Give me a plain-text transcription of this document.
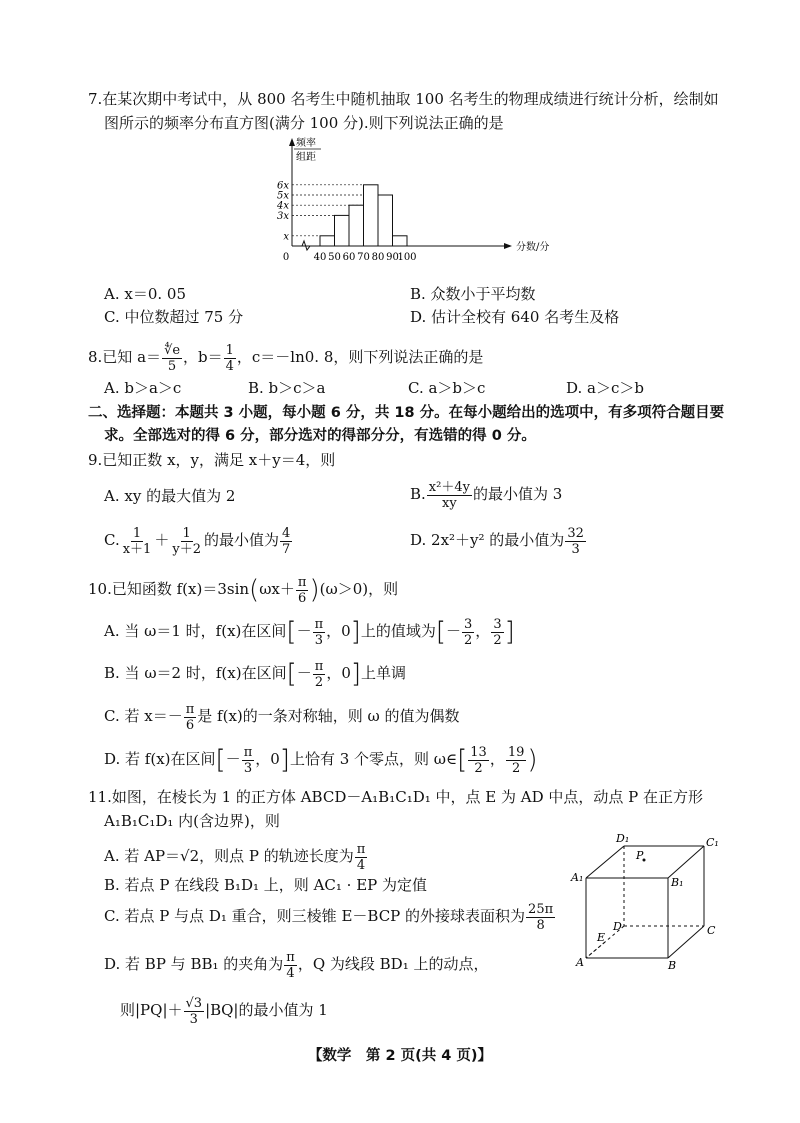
7.在某次期中考试中，从 800 名考生中随机抽取 100 名考生的物理成绩进行统计分析，绘制如
图所示的频率分布直方图(满分 100 分).则下列说法正确的是
频率
组距
x
3x
4x
5x
6x
0 40 50 60 70 80 90
100
分数/分
A. x＝0. 05	B. 众数小于平均数
C. 中位数超过 75 分	D. 估计全校有 640 名考生及格
8.已知 $a= \frac{∜e}{5}$ ，$b= \frac{1}{4}$ ，c＝－ln0. 8，则下列说法正确的是
A. b＞a＞c	B. b＞c＞a	C. a＞b＞c	D. a＞c＞b
二、选择题：本题共 3 小题，每小题 6 分，共 18 分。在每小题给出的选项中，有多项符合题目要
求。全部选对的得 6 分，部分选对的得部分分，有选错的得 0 分。
9.已知正数 x，y，满足 x＋y＝4，则
A. xy 的最大值为 2	B. $\frac{\text{x²＋4y}}{xy}$ 的最小值为 3
C. $\frac{1}{x+1} + \frac{1}{y+2}$ 的最小值为 $\frac{4}{7}$	D. 2x²＋y² 的最小值为 $\frac{32}{3}$
10.已知函数 $f(x)=3\sin(\omega x+ \frac{\pi}{6} )(\omega>0)$，则
A. 当 ω＝1 时，f(x)在区间[－ $\frac{\pi}{3}$ ，0]上的值域为[－ $\frac{3}{2}$ ， $\frac{3}{2}$ ]
B. 当 ω＝2 时，f(x)在区间[－ $\frac{\pi}{2}$ ，0]上单调
C. 若 $x=- \frac{\pi}{6}$ 是 f(x)的一条对称轴，则 ω 的值为偶数
D. 若 f(x)在区间[－ $\frac{\pi}{3}$ ，0]上恰有 3 个零点，则 ω∈[ $\frac{13}{2}$ ， $\frac{19}{2}$ )
11.如图，在棱长为 1 的正方体 ABCD－A₁B₁C₁D₁ 中，点 E 为 AD 中点，动点 P 在正方形
A₁B₁C₁D₁ 内(含边界)，则
A. 若 AP＝√2，则点 P 的轨迹长度为 $\frac{\pi}{4}$
B. 若点 P 在线段 B₁D₁ 上，则 AC₁ · EP 为定值
C. 若点 P 与点 D₁ 重合，则三棱锥 E－BCP 的外接球表面积为 $\frac{25\pi}{8}$
D. 若 BP 与 BB₁ 的夹角为 $\frac{\pi}{4}$ ，Q 为线段 BD₁ 上的动点，
则$|PQ|+ \frac{√3}{3} |BQ|$的最小值为 1
D₁	C₁
A₁	B₁
P
D	C
E
A	B
【数学　第 2 页(共 4 页)】
